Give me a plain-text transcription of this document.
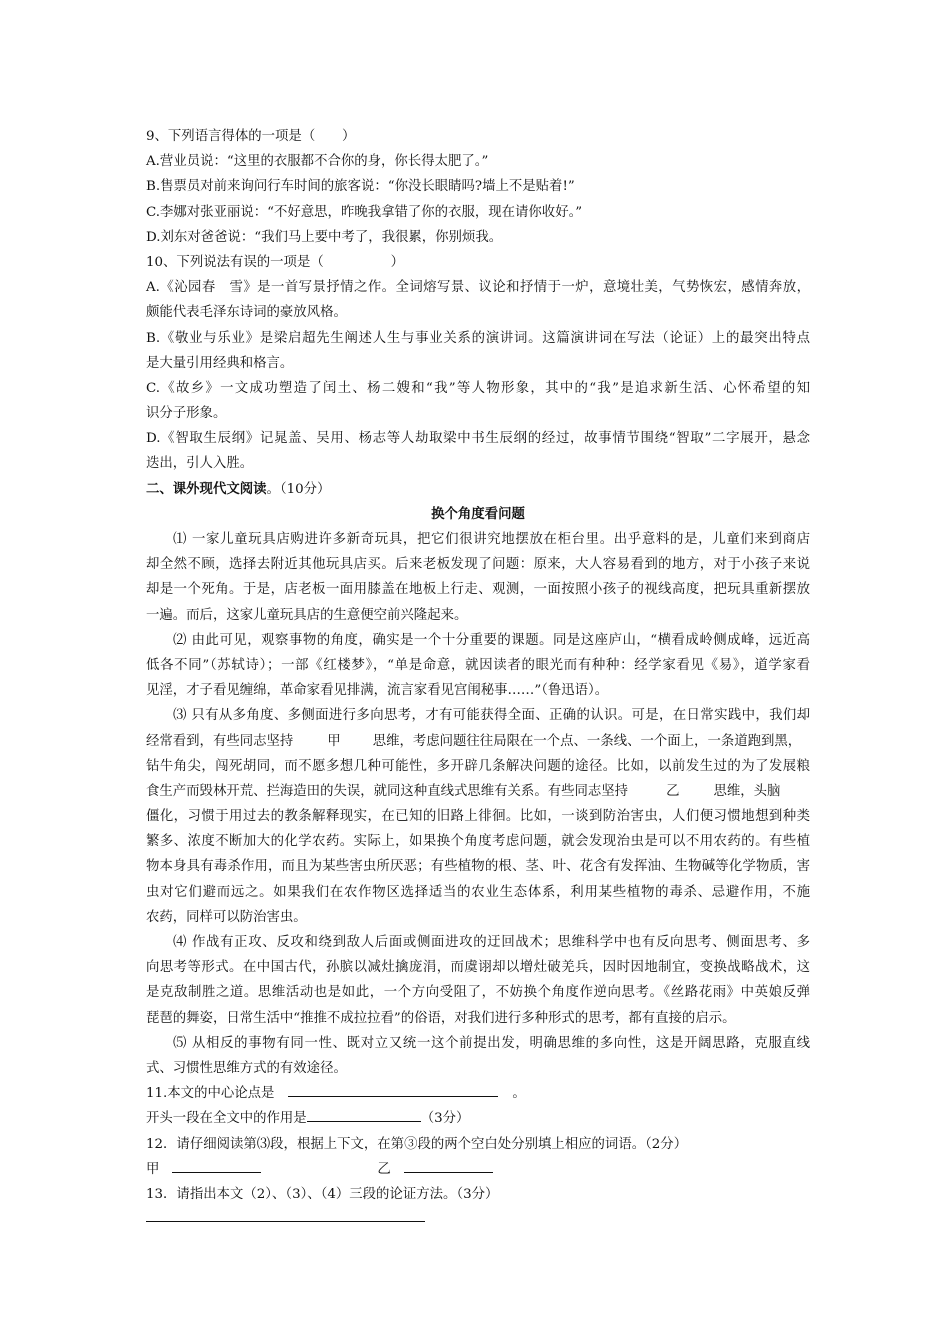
9、下列语言得体的一项是（　　）
A.营业员说：“这里的衣服都不合你的身，你长得太肥了。”
B.售票员对前来询问行车时间的旅客说：“你没长眼睛吗?墙上不是贴着!”
C.李娜对张亚丽说：“不好意思，昨晚我拿错了你的衣服，现在请你收好。”
D.刘东对爸爸说：“我们马上要中考了，我很累，你别烦我。
10、下列说法有误的一项是（　　　　　）
A.《沁园春　雪》是一首写景抒情之作。全词熔写景、议论和抒情于一炉，意境壮美，气势恢宏，感情奔放，
颇能代表毛泽东诗词的豪放风格。
B.《敬业与乐业》是梁启超先生阐述人生与事业关系的演讲词。这篇演讲词在写法（论证）上的最突出特点
是大量引用经典和格言。
C.《故乡》一文成功塑造了闰土、杨二嫂和“我”等人物形象，其中的“我”是追求新生活、心怀希望的知
识分子形象。
D.《智取生辰纲》记晁盖、吴用、杨志等人劫取梁中书生辰纲的经过，故事情节围绕“智取”二字展开，悬念
迭出，引人入胜。
二、课外现代文阅读。（10分）
换个角度看问题
⑴ 一家儿童玩具店购进许多新奇玩具，把它们很讲究地摆放在柜台里。出乎意料的是，儿童们来到商店
却全然不顾，选择去附近其他玩具店买。后来老板发现了问题：原来，大人容易看到的地方，对于小孩子来说
却是一个死角。于是，店老板一面用膝盖在地板上行走、观测，一面按照小孩子的视线高度，把玩具重新摆放
一遍。而后，这家儿童玩具店的生意便空前兴隆起来。
⑵ 由此可见，观察事物的角度，确实是一个十分重要的课题。同是这座庐山，“横看成岭侧成峰，远近高
低各不同”（苏轼诗）；一部《红楼梦》，“单是命意，就因读者的眼光而有种种：经学家看见《易》，道学家看
见淫，才子看见缠绵，革命家看见排满，流言家看见宫闱秘事……”（鲁迅语）。
⑶ 只有从多角度、多侧面进行多向思考，才有可能获得全面、正确的认识。可是，在日常实践中，我们却
经常看到，有些同志坚持	甲 思维，考虑问题往往局限在一个点、一条线、一个面上，一条道跑到黑，
钻牛角尖，闯死胡同，而不愿多想几种可能性，多开辟几条解决问题的途径。比如，以前发生过的为了发展粮
食生产而毁林开荒、拦海造田的失误，就同这种直线式思维有关系。有些同志坚持	乙	思维，头脑
僵化，习惯于用过去的教条解释现实，在已知的旧路上徘徊。比如，一谈到防治害虫，人们便习惯地想到种类
繁多、浓度不断加大的化学农药。实际上，如果换个角度考虑问题，就会发现治虫是可以不用农药的。有些植
物本身具有毒杀作用，而且为某些害虫所厌恶；有些植物的根、茎、叶、花含有发挥油、生物碱等化学物质，害
虫对它们避而远之。如果我们在农作物区选择适当的农业生态体系，利用某些植物的毒杀、忌避作用，不施
农药，同样可以防治害虫。
⑷ 作战有正攻、反攻和绕到敌人后面或侧面进攻的迂回战术；思维科学中也有反向思考、侧面思考、多
向思考等形式。在中国古代，孙膑以减灶擒庞涓，而虞诩却以增灶破羌兵，因时因地制宜，变换战略战术，这
是克敌制胜之道。思维活动也是如此，一个方向受阻了，不妨换个角度作逆向思考。《丝路花雨》中英娘反弹
琵琶的舞姿，日常生活中“推推不成拉拉看”的俗语，对我们进行多种形式的思考，都有直接的启示。
⑸ 从相反的事物有同一性、既对立又统一这个前提出发，明确思维的多向性，这是开阔思路，克服直线
式、习惯性思维方式的有效途径。
11.本文的中心论点是	。
开头一段在全文中的作用是	（3分）
12．请仔细阅读第⑶段，根据上下文，在第③段的两个空白处分别填上相应的词语。（2分）
甲	乙
13．请指出本文（2）、（3）、（4）三段的论证方法。（3分）
